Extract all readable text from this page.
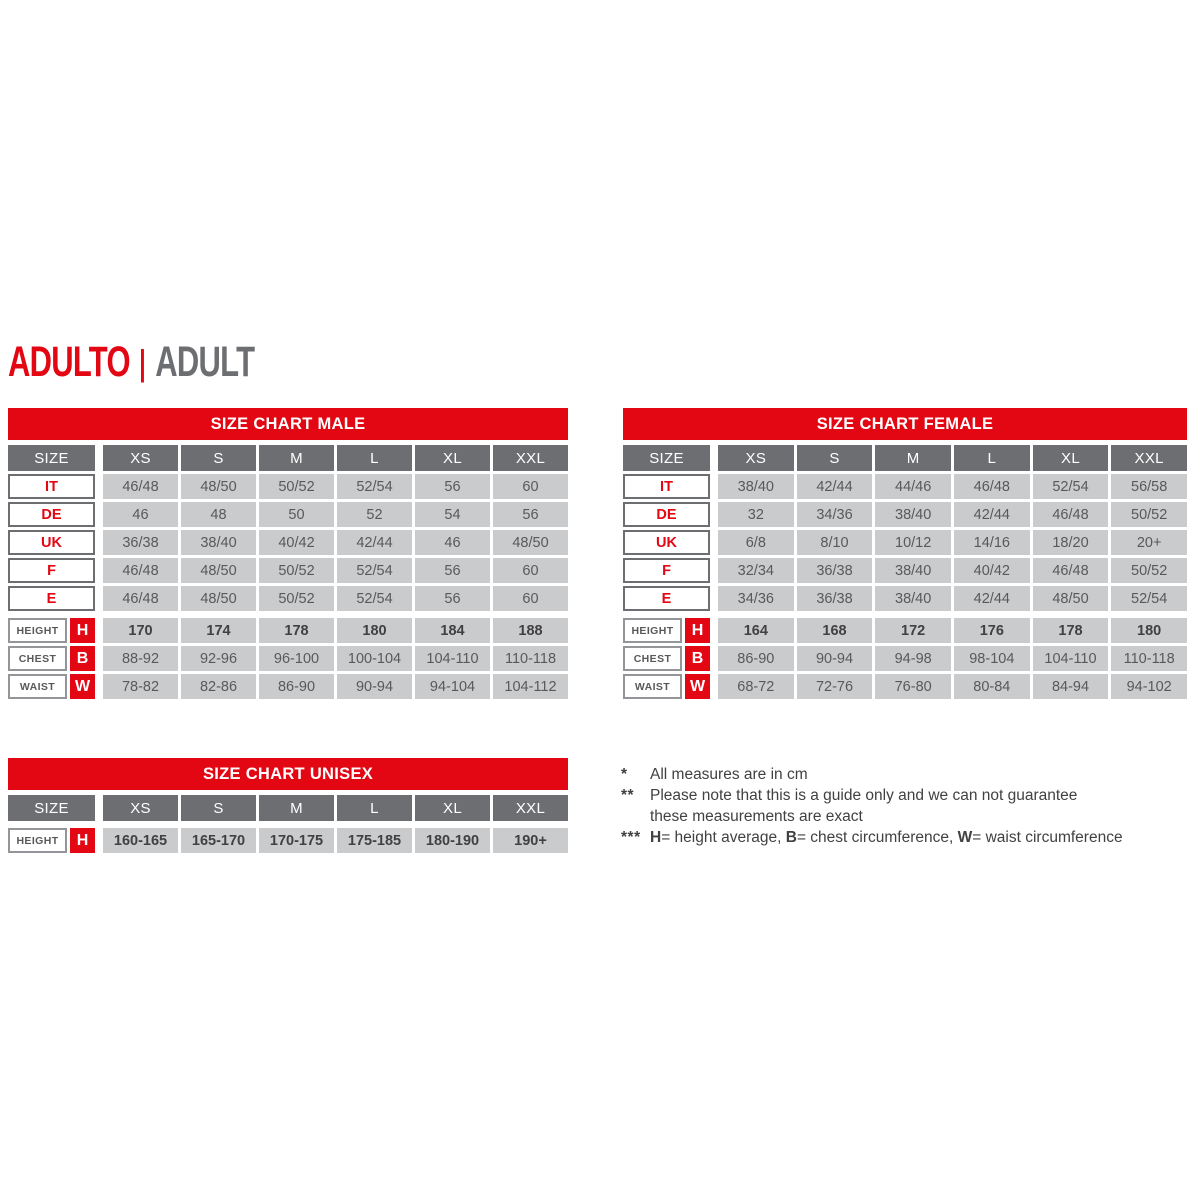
ADULTO | ADULT
SIZE CHART MALE
SIZE	XS	S	M	L	XL	XXL
IT	46/48	48/50	50/52	52/54	56	60
DE	46	48	50	52	54	56
UK	36/38	38/40	40/42	42/44	46	48/50
F	46/48	48/50	50/52	52/54	56	60
E	46/48	48/50	50/52	52/54	56	60
HEIGHT	H	170	174	178	180	184	188
CHEST	B	88-92	92-96	96-100	100-104	104-110	110-118
WAIST	W	78-82	82-86	86-90	90-94	94-104	104-112
SIZE CHART FEMALE
SIZE	XS	S	M	L	XL	XXL
IT	38/40	42/44	44/46	46/48	52/54	56/58
DE	32	34/36	38/40	42/44	46/48	50/52
UK	6/8	8/10	10/12	14/16	18/20	20+
F	32/34	36/38	38/40	40/42	46/48	50/52
E	34/36	36/38	38/40	42/44	48/50	52/54
HEIGHT	H	164	168	172	176	178	180
CHEST	B	86-90	90-94	94-98	98-104	104-110	110-118
WAIST	W	68-72	72-76	76-80	80-84	84-94	94-102
SIZE CHART UNISEX
SIZE	XS	S	M	L	XL	XXL
HEIGHT	H	160-165	165-170	170-175	175-185	180-190	190+
*	All measures are in cm
**	Please note that this is a guide only and we can not guarantee
these measurements are exact
*** H= height average, B= chest circumference, W= waist circumference
